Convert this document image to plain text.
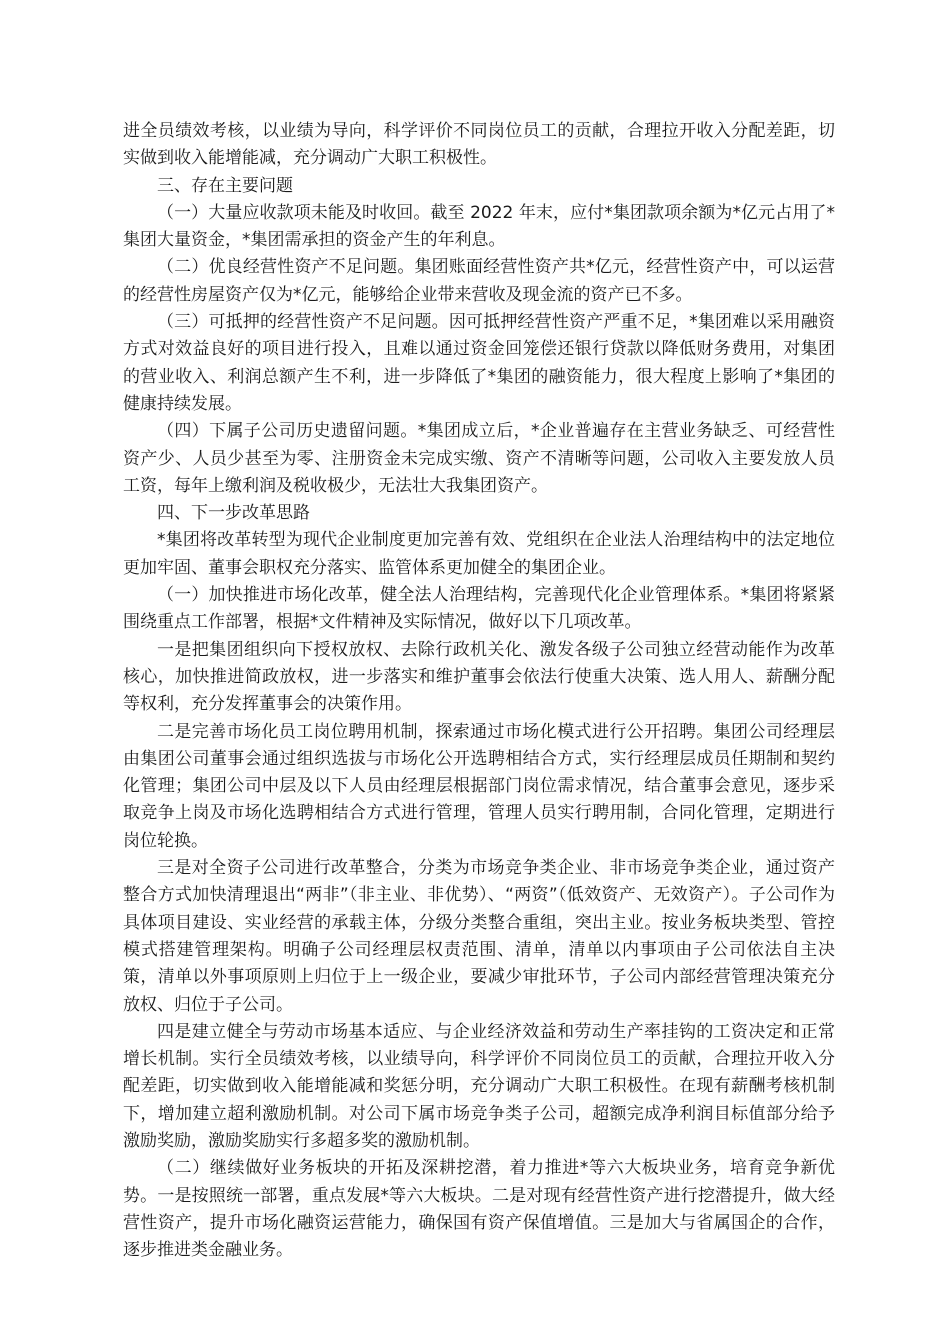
进全员绩效考核，以业绩为导向，科学评价不同岗位员工的贡献，合理拉开收入分配差距，切实做到收入能增能减，充分调动广大职工积极性。

三、存在主要问题

（一）大量应收款项未能及时收回。截至 2022 年末，应付*集团款项余额为*亿元占用了*集团大量资金，*集团需承担的资金产生的年利息。

（二）优良经营性资产不足问题。集团账面经营性资产共*亿元，经营性资产中，可以运营的经营性房屋资产仅为*亿元，能够给企业带来营收及现金流的资产已不多。

（三）可抵押的经营性资产不足问题。因可抵押经营性资产严重不足，*集团难以采用融资方式对效益良好的项目进行投入，且难以通过资金回笼偿还银行贷款以降低财务费用，对集团的营业收入、利润总额产生不利，进一步降低了*集团的融资能力，很大程度上影响了*集团的健康持续发展。

（四）下属子公司历史遗留问题。*集团成立后，*企业普遍存在主营业务缺乏、可经营性资产少、人员少甚至为零、注册资金未完成实缴、资产不清晰等问题，公司收入主要发放人员工资，每年上缴利润及税收极少，无法壮大我集团资产。

四、下一步改革思路

*集团将改革转型为现代企业制度更加完善有效、党组织在企业法人治理结构中的法定地位更加牢固、董事会职权充分落实、监管体系更加健全的集团企业。

（一）加快推进市场化改革，健全法人治理结构，完善现代化企业管理体系。*集团将紧紧围绕重点工作部署，根据*文件精神及实际情况，做好以下几项改革。

一是把集团组织向下授权放权、去除行政机关化、激发各级子公司独立经营动能作为改革核心，加快推进简政放权，进一步落实和维护董事会依法行使重大决策、选人用人、薪酬分配等权利，充分发挥董事会的决策作用。

二是完善市场化员工岗位聘用机制，探索通过市场化模式进行公开招聘。集团公司经理层由集团公司董事会通过组织选拔与市场化公开选聘相结合方式，实行经理层成员任期制和契约化管理；集团公司中层及以下人员由经理层根据部门岗位需求情况，结合董事会意见，逐步采取竞争上岗及市场化选聘相结合方式进行管理，管理人员实行聘用制，合同化管理，定期进行岗位轮换。

三是对全资子公司进行改革整合，分类为市场竞争类企业、非市场竞争类企业，通过资产整合方式加快清理退出“两非”（非主业、非优势）、“两资”（低效资产、无效资产）。子公司作为具体项目建设、实业经营的承载主体，分级分类整合重组，突出主业。按业务板块类型、管控模式搭建管理架构。明确子公司经理层权责范围、清单，清单以内事项由子公司依法自主决策，清单以外事项原则上归位于上一级企业，要减少审批环节，子公司内部经营管理决策充分放权、归位于子公司。

四是建立健全与劳动市场基本适应、与企业经济效益和劳动生产率挂钩的工资决定和正常增长机制。实行全员绩效考核，以业绩导向，科学评价不同岗位员工的贡献，合理拉开收入分配差距，切实做到收入能增能减和奖惩分明，充分调动广大职工积极性。在现有薪酬考核机制下，增加建立超利激励机制。对公司下属市场竞争类子公司，超额完成净利润目标值部分给予激励奖励，激励奖励实行多超多奖的激励机制。

（二）继续做好业务板块的开拓及深耕挖潜，着力推进*等六大板块业务，培育竞争新优势。一是按照统一部署，重点发展*等六大板块。二是对现有经营性资产进行挖潜提升，做大经营性资产，提升市场化融资运营能力，确保国有资产保值增值。三是加大与省属国企的合作，逐步推进类金融业务。
